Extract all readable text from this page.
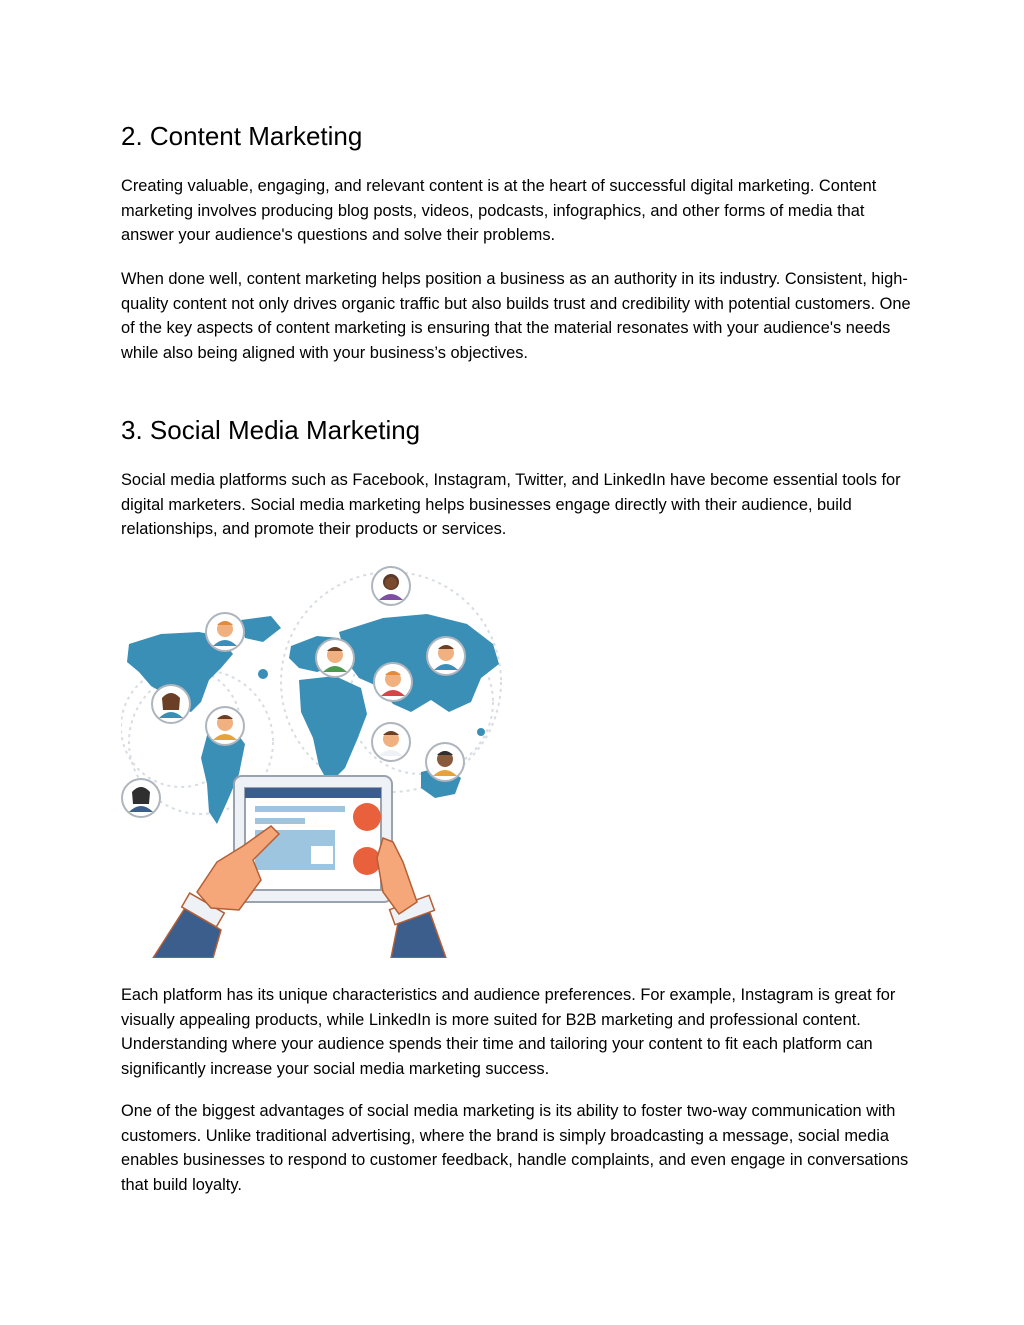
2. Content Marketing

Creating valuable, engaging, and relevant content is at the heart of successful digital marketing. Content marketing involves producing blog posts, videos, podcasts, infographics, and other forms of media that answer your audience's questions and solve their problems.

When done well, content marketing helps position a business as an authority in its industry. Consistent, high-quality content not only drives organic traffic but also builds trust and credibility with potential customers. One of the key aspects of content marketing is ensuring that the material resonates with your audience's needs while also being aligned with your business’s objectives.

3. Social Media Marketing

Social media platforms such as Facebook, Instagram, Twitter, and LinkedIn have become essential tools for digital marketers. Social media marketing helps businesses engage directly with their audience, build relationships, and promote their products or services.

Each platform has its unique characteristics and audience preferences. For example, Instagram is great for visually appealing products, while LinkedIn is more suited for B2B marketing and professional content. Understanding where your audience spends their time and tailoring your content to fit each platform can significantly increase your social media marketing success.

One of the biggest advantages of social media marketing is its ability to foster two-way communication with customers. Unlike traditional advertising, where the brand is simply broadcasting a message, social media enables businesses to respond to customer feedback, handle complaints, and even engage in conversations that build loyalty.
